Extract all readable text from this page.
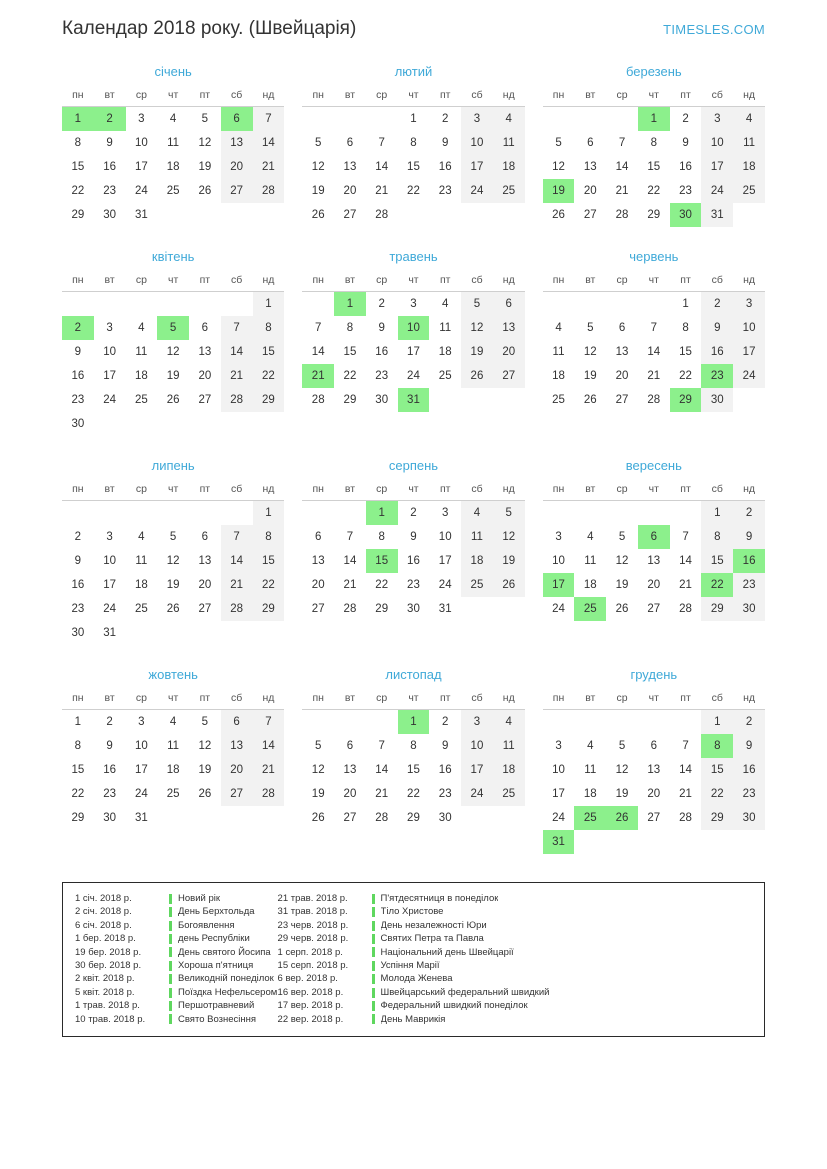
Календар 2018 року. (Швейцарія)	TIMESLES.COM
січень
пн	вт	ср	чт	пт	сб	нд
1	2	3	4	5	6	7
8	9	10	11	12	13	14
15	16	17	18	19	20	21
22	23	24	25	26	27	28
29	30	31				
лютий
пн	вт	ср	чт	пт	сб	нд
			1	2	3	4
5	6	7	8	9	10	11
12	13	14	15	16	17	18
19	20	21	22	23	24	25
26	27	28				
березень
пн	вт	ср	чт	пт	сб	нд
			1	2	3	4
5	6	7	8	9	10	11
12	13	14	15	16	17	18
19	20	21	22	23	24	25
26	27	28	29	30	31	
квітень
пн	вт	ср	чт	пт	сб	нд
						1
2	3	4	5	6	7	8
9	10	11	12	13	14	15
16	17	18	19	20	21	22
23	24	25	26	27	28	29
30						
травень
пн	вт	ср	чт	пт	сб	нд
	1	2	3	4	5	6
7	8	9	10	11	12	13
14	15	16	17	18	19	20
21	22	23	24	25	26	27
28	29	30	31			
червень
пн	вт	ср	чт	пт	сб	нд
				1	2	3
4	5	6	7	8	9	10
11	12	13	14	15	16	17
18	19	20	21	22	23	24
25	26	27	28	29	30	
липень
пн	вт	ср	чт	пт	сб	нд
						1
2	3	4	5	6	7	8
9	10	11	12	13	14	15
16	17	18	19	20	21	22
23	24	25	26	27	28	29
30	31					
серпень
пн	вт	ср	чт	пт	сб	нд
		1	2	3	4	5
6	7	8	9	10	11	12
13	14	15	16	17	18	19
20	21	22	23	24	25	26
27	28	29	30	31		
вересень
пн	вт	ср	чт	пт	сб	нд
					1	2
3	4	5	6	7	8	9
10	11	12	13	14	15	16
17	18	19	20	21	22	23
24	25	26	27	28	29	30
жовтень
пн	вт	ср	чт	пт	сб	нд
1	2	3	4	5	6	7
8	9	10	11	12	13	14
15	16	17	18	19	20	21
22	23	24	25	26	27	28
29	30	31				
листопад
пн	вт	ср	чт	пт	сб	нд
			1	2	3	4
5	6	7	8	9	10	11
12	13	14	15	16	17	18
19	20	21	22	23	24	25
26	27	28	29	30		
грудень
пн	вт	ср	чт	пт	сб	нд
					1	2
3	4	5	6	7	8	9
10	11	12	13	14	15	16
17	18	19	20	21	22	23
24	25	26	27	28	29	30
31						
1 січ. 2018 р.	Новий рік
2 січ. 2018 р.	День Берхтольда
6 січ. 2018 р.	Богоявлення
1 бер. 2018 р.	день Республіки
19 бер. 2018 р.	День святого Йосипа
30 бер. 2018 р.	Хороша п'ятниця
2 квіт. 2018 р.	Великодній понеділок
5 квіт. 2018 р.	Поїздка Нефельсером
1 трав. 2018 р.	Першотравневий
10 трав. 2018 р.	Свято Вознесіння
21 трав. 2018 р.	П'ятдесятниця в понеділок
31 трав. 2018 р.	Тіло Христове
23 черв. 2018 р.	День незалежності Юри
29 черв. 2018 р.	Святих Петра та Павла
1 серп. 2018 р.	Національний день Швейцарії
15 серп. 2018 р.	Успіння Марії
6 вер. 2018 р.	Молода Женева
16 вер. 2018 р.	Швейцарський федеральний швидкий
17 вер. 2018 р.	Федеральний швидкий понеділок
22 вер. 2018 р.	День Маврикія
